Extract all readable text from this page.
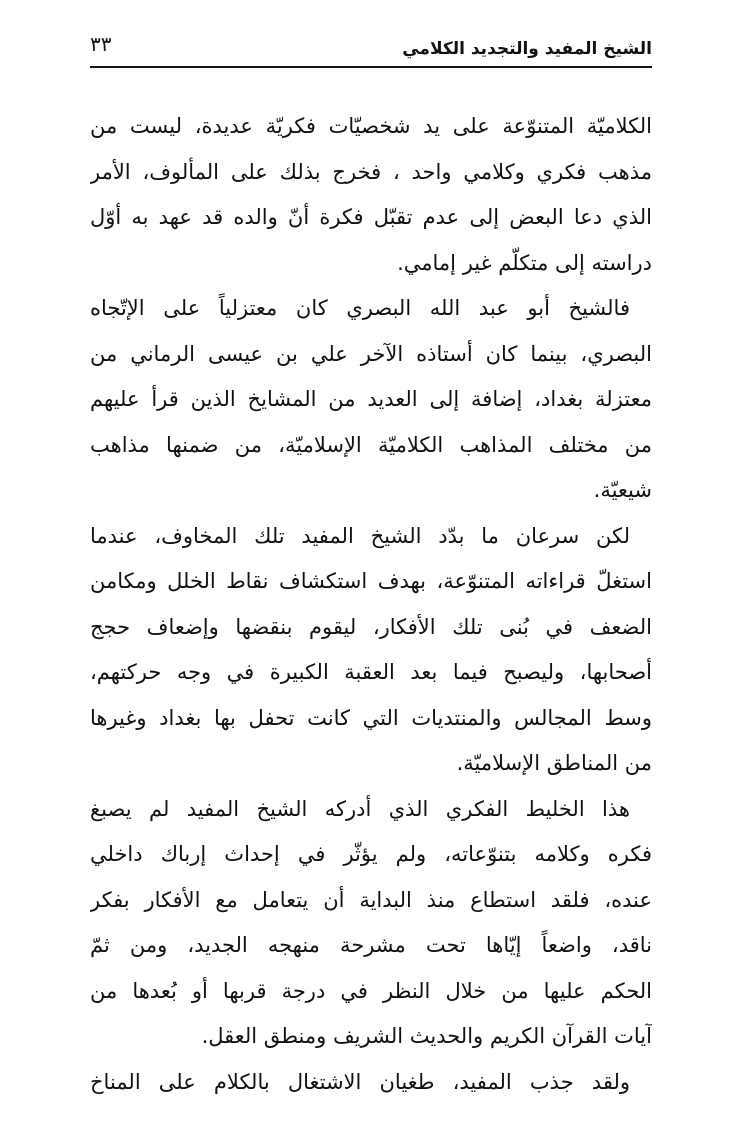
الشيخ المفيد والتجديد الكلامي
٣٣
الكلاميّة المتنوّعة على يد شخصيّات فكريّة عديدة، ليست من
مذهب فكري وكلامي واحد ، فخرج بذلك على المألوف، الأمر
الذي دعا البعض إلى عدم تقبّل فكرة أنّ والده قد عهد به أوّل
دراسته إلى متكلّم غير إمامي.
فالشيخ أبو عبد الله البصري كان معتزلياً على الإتّجاه
البصري، بينما كان أستاذه الآخر علي بن عيسى الرماني من
معتزلة بغداد، إضافة إلى العديد من المشايخ الذين قرأ عليهم
من مختلف المذاهب الكلاميّة الإسلاميّة، من ضمنها مذاهب
شيعيّة.
لكن سرعان ما بدّد الشيخ المفيد تلك المخاوف، عندما
استغلّ قراءاته المتنوّعة، بهدف استكشاف نقاط الخلل ومكامن
الضعف في بُنى تلك الأفكار، ليقوم بنقضها وإضعاف حجج
أصحابها، وليصبح فيما بعد العقبة الكبيرة في وجه حركتهم،
وسط المجالس والمنتديات التي كانت تحفل بها بغداد وغيرها
من المناطق الإسلاميّة.
هذا الخليط الفكري الذي أدركه الشيخ المفيد لم يصبغ
فكره وكلامه بتنوّعاته، ولم يؤثّر في إحداث إرباك داخلي
عنده، فلقد استطاع منذ البداية أن يتعامل مع الأفكار بفكر
ناقد، واضعاً إيّاها تحت مشرحة منهجه الجديد، ومن ثمّ
الحكم عليها من خلال النظر في درجة قربها أو بُعدها من
آيات القرآن الكريم والحديث الشريف ومنطق العقل.
ولقد جذب المفيد، طغيان الاشتغال بالكلام على المناخ
